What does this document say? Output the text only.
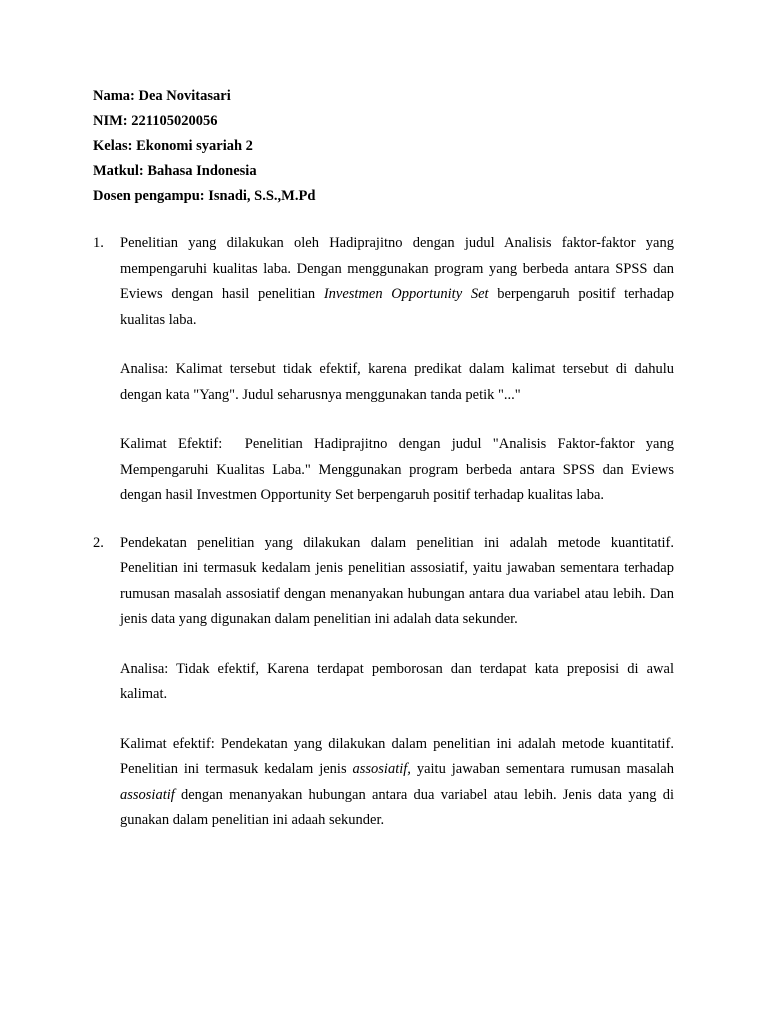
Nama: Dea Novitasari
NIM: 221105020056
Kelas: Ekonomi syariah 2
Matkul: Bahasa Indonesia
Dosen pengampu: Isnadi, S.S.,M.Pd
1.	Penelitian yang dilakukan oleh Hadiprajitno dengan judul Analisis faktor-faktor yang mempengaruhi kualitas laba. Dengan menggunakan program yang berbeda antara SPSS dan Eviews dengan hasil penelitian Investmen Opportunity Set berpengaruh positif terhadap kualitas laba.

Analisa: Kalimat tersebut tidak efektif, karena predikat dalam kalimat tersebut di dahulu dengan kata "Yang". Judul seharusnya menggunakan tanda petik "..."

Kalimat Efektif: Penelitian Hadiprajitno dengan judul "Analisis Faktor-faktor yang Mempengaruhi Kualitas Laba." Menggunakan program berbeda antara SPSS dan Eviews dengan hasil Investmen Opportunity Set berpengaruh positif terhadap kualitas laba.

2.	Pendekatan penelitian yang dilakukan dalam penelitian ini adalah metode kuantitatif. Penelitian ini termasuk kedalam jenis penelitian assosiatif, yaitu jawaban sementara terhadap rumusan masalah assosiatif dengan menanyakan hubungan antara dua variabel atau lebih. Dan jenis data yang digunakan dalam penelitian ini adalah data sekunder.

Analisa: Tidak efektif, Karena terdapat pemborosan dan terdapat kata preposisi di awal kalimat.

Kalimat efektif: Pendekatan yang dilakukan dalam penelitian ini adalah metode kuantitatif. Penelitian ini termasuk kedalam jenis assosiatif, yaitu jawaban sementara rumusan masalah assosiatif dengan menanyakan hubungan antara dua variabel atau lebih. Jenis data yang di gunakan dalam penelitian ini adaah sekunder.
